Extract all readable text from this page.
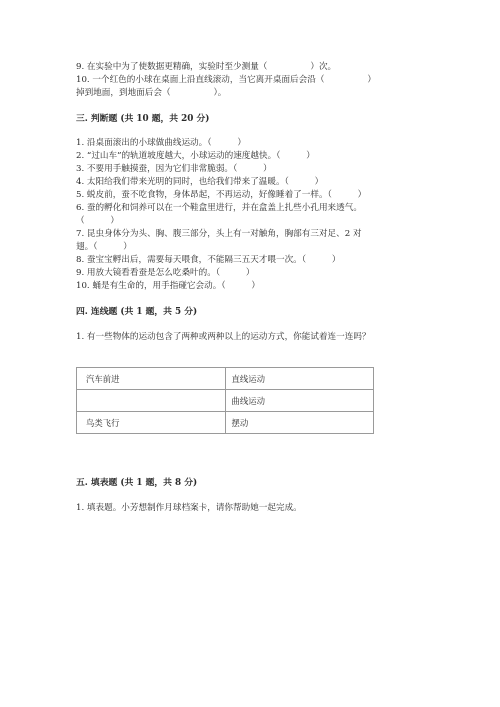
9. 在实验中为了使数据更精确，实验时至少测量（　　　　　）次。
10. 一个红色的小球在桌面上沿直线滚动，当它离开桌面后会沿（　　　　　）
掉到地面，到地面后会（　　　　　）。
三. 判断题 (共 10 题，共 20 分)
1. 沿桌面滚出的小球做曲线运动。（　　　）
2. “过山车”的轨道坡度越大，小球运动的速度越快。（　　　）
3. 不要用手触摸蚕，因为它们非常脆弱。（　　　）
4. 太阳给我们带来光明的同时，也给我们带来了温暖。（　　　）
5. 蜕皮前，蚕不吃食物，身体昂起，不再运动，好像睡着了一样。（　　　）
6. 蚕的孵化和饲养可以在一个鞋盒里进行，并在盒盖上扎些小孔用来透气。
（　　　）
7. 昆虫身体分为头、胸、腹三部分，头上有一对触角，胸部有三对足、2 对
翅。（　　　）
8. 蚕宝宝孵出后，需要每天喂食，不能隔三五天才喂一次。（　　　）
9. 用放大镜看看蚕是怎么吃桑叶的。（　　　）
10. 蛹是有生命的，用手指碰它会动。（　　　）
四. 连线题 (共 1 题，共 5 分)
1. 有一些物体的运动包含了两种或两种以上的运动方式，你能试着连一连吗？
汽车前进	直线运动
	曲线运动
鸟类飞行	摆动
五. 填表题 (共 1 题，共 8 分)
1. 填表题。小芳想制作月球档案卡，请你帮助她一起完成。
